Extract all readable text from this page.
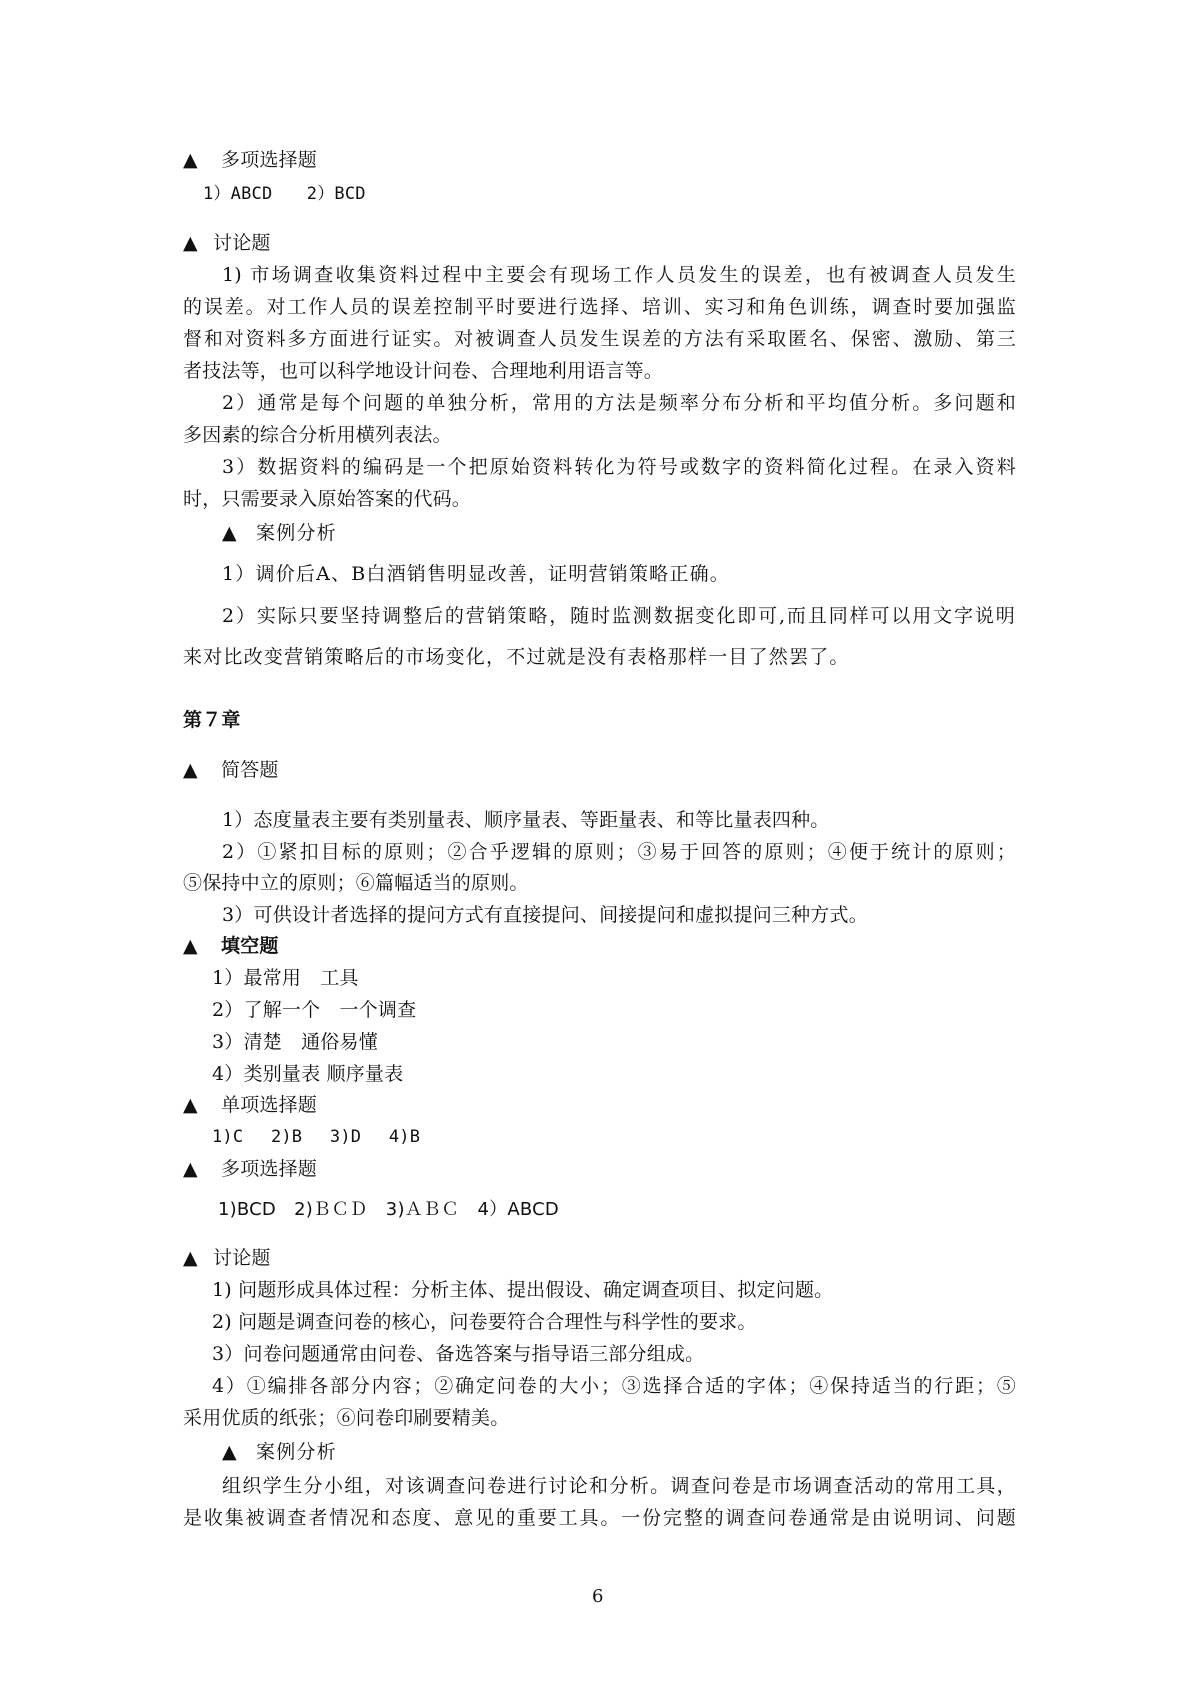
▲ 多项选择题
1）ABCD　　2）BCD
▲ 讨论题
1) 市场调查收集资料过程中主要会有现场工作人员发生的误差，也有被调查人员发生
的误差。对工作人员的误差控制平时要进行选择、培训、实习和角色训练，调查时要加强监
督和对资料多方面进行证实。对被调查人员发生误差的方法有采取匿名、保密、激励、第三
者技法等，也可以科学地设计问卷、合理地利用语言等。
2）通常是每个问题的单独分析，常用的方法是频率分布分析和平均值分析。多问题和
多因素的综合分析用横列表法。
3）数据资料的编码是一个把原始资料转化为符号或数字的资料简化过程。在录入资料
时，只需要录入原始答案的代码。
▲ 案例分析
1）调价后A、B白酒销售明显改善，证明营销策略正确。
2）实际只要坚持调整后的营销策略，随时监测数据变化即可,而且同样可以用文字说明
来对比改变营销策略后的市场变化，不过就是没有表格那样一目了然罢了。
第７章
▲ 简答题
1）态度量表主要有类别量表、顺序量表、等距量表、和等比量表四种。
2）①紧扣目标的原则；②合乎逻辑的原则；③易于回答的原则；④便于统计的原则；
⑤保持中立的原则；⑥篇幅适当的原则。
3）可供设计者选择的提问方式有直接提问、间接提问和虚拟提问三种方式。
▲ 填空题
1）最常用　工具
2）了解一个　一个调查
3）清楚　通俗易懂
4）类别量表 顺序量表
▲ 单项选择题
1)C　 2)B　 3)D　 4)B
▲ 多项选择题
1)BCD　2)ＢＣＤ　3)ＡＢＣ　4）ABCD
▲ 讨论题
1) 问题形成具体过程：分析主体、提出假设、确定调查项目、拟定问题。
2) 问题是调查问卷的核心，问卷要符合合理性与科学性的要求。
3）问卷问题通常由问卷、备选答案与指导语三部分组成。
4）①编排各部分内容；②确定问卷的大小；③选择合适的字体；④保持适当的行距；⑤
采用优质的纸张；⑥问卷印刷要精美。
▲ 案例分析
组织学生分小组，对该调查问卷进行讨论和分析。调查问卷是市场调查活动的常用工具，
是收集被调查者情况和态度、意见的重要工具。一份完整的调查问卷通常是由说明词、问题
6
